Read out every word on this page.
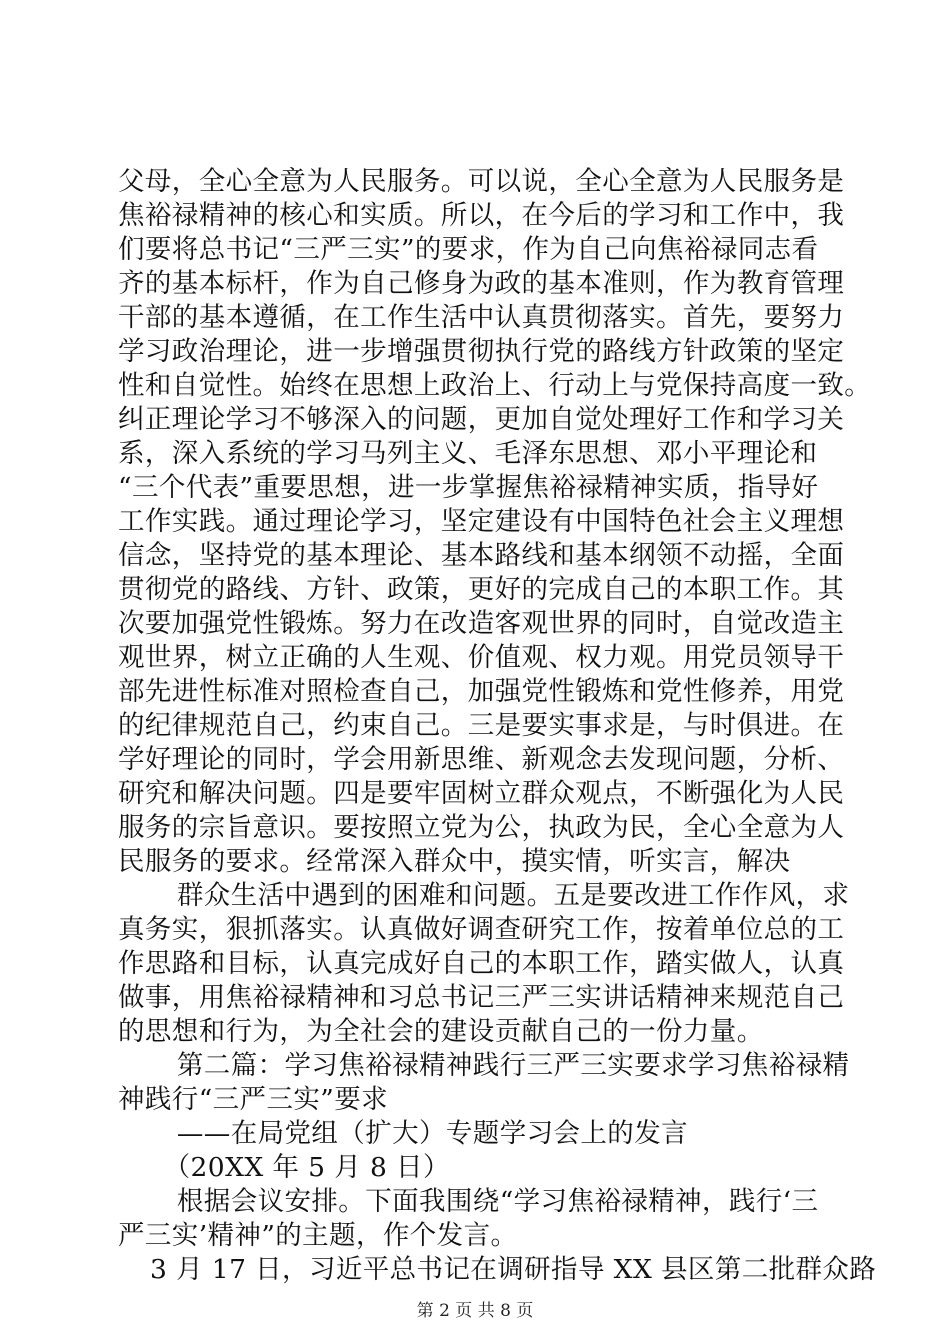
父母，全心全意为人民服务。可以说，全心全意为人民服务是
焦裕禄精神的核心和实质。所以，在今后的学习和工作中，我
们要将总书记“三严三实”的要求，作为自己向焦裕禄同志看
齐的基本标杆，作为自己修身为政的基本准则，作为教育管理
干部的基本遵循，在工作生活中认真贯彻落实。首先，要努力
学习政治理论，进一步增强贯彻执行党的路线方针政策的坚定
性和自觉性。始终在思想上政治上、行动上与党保持高度一致。
纠正理论学习不够深入的问题，更加自觉处理好工作和学习关
系，深入系统的学习马列主义、毛泽东思想、邓小平理论和
“三个代表”重要思想，进一步掌握焦裕禄精神实质，指导好
工作实践。通过理论学习，坚定建设有中国特色社会主义理想
信念，坚持党的基本理论、基本路线和基本纲领不动摇，全面
贯彻党的路线、方针、政策，更好的完成自己的本职工作。其
次要加强党性锻炼。努力在改造客观世界的同时，自觉改造主
观世界，树立正确的人生观、价值观、权力观。用党员领导干
部先进性标准对照检查自己，加强党性锻炼和党性修养，用党
的纪律规范自己，约束自己。三是要实事求是，与时俱进。在
学好理论的同时，学会用新思维、新观念去发现问题，分析、
研究和解决问题。四是要牢固树立群众观点，不断强化为人民
服务的宗旨意识。要按照立党为公，执政为民，全心全意为人
民服务的要求。经常深入群众中，摸实情，听实言，解决
　群众生活中遇到的困难和问题。五是要改进工作作风，求
真务实，狠抓落实。认真做好调查研究工作，按着单位总的工
作思路和目标，认真完成好自己的本职工作，踏实做人，认真
做事，用焦裕禄精神和习总书记三严三实讲话精神来规范自己
的思想和行为，为全社会的建设贡献自己的一份力量。
　第二篇：学习焦裕禄精神践行三严三实要求学习焦裕禄精
神践行“三严三实”要求
　——在局党组（扩大）专题学习会上的发言
　（20XX 年 5 月 8 日）
　根据会议安排。下面我围绕“学习焦裕禄精神，践行‘三
严三实’精神”的主题，作个发言。
3 月 17 日，习近平总书记在调研指导 XX 县区第二批群众路
第 2 页 共 8 页
